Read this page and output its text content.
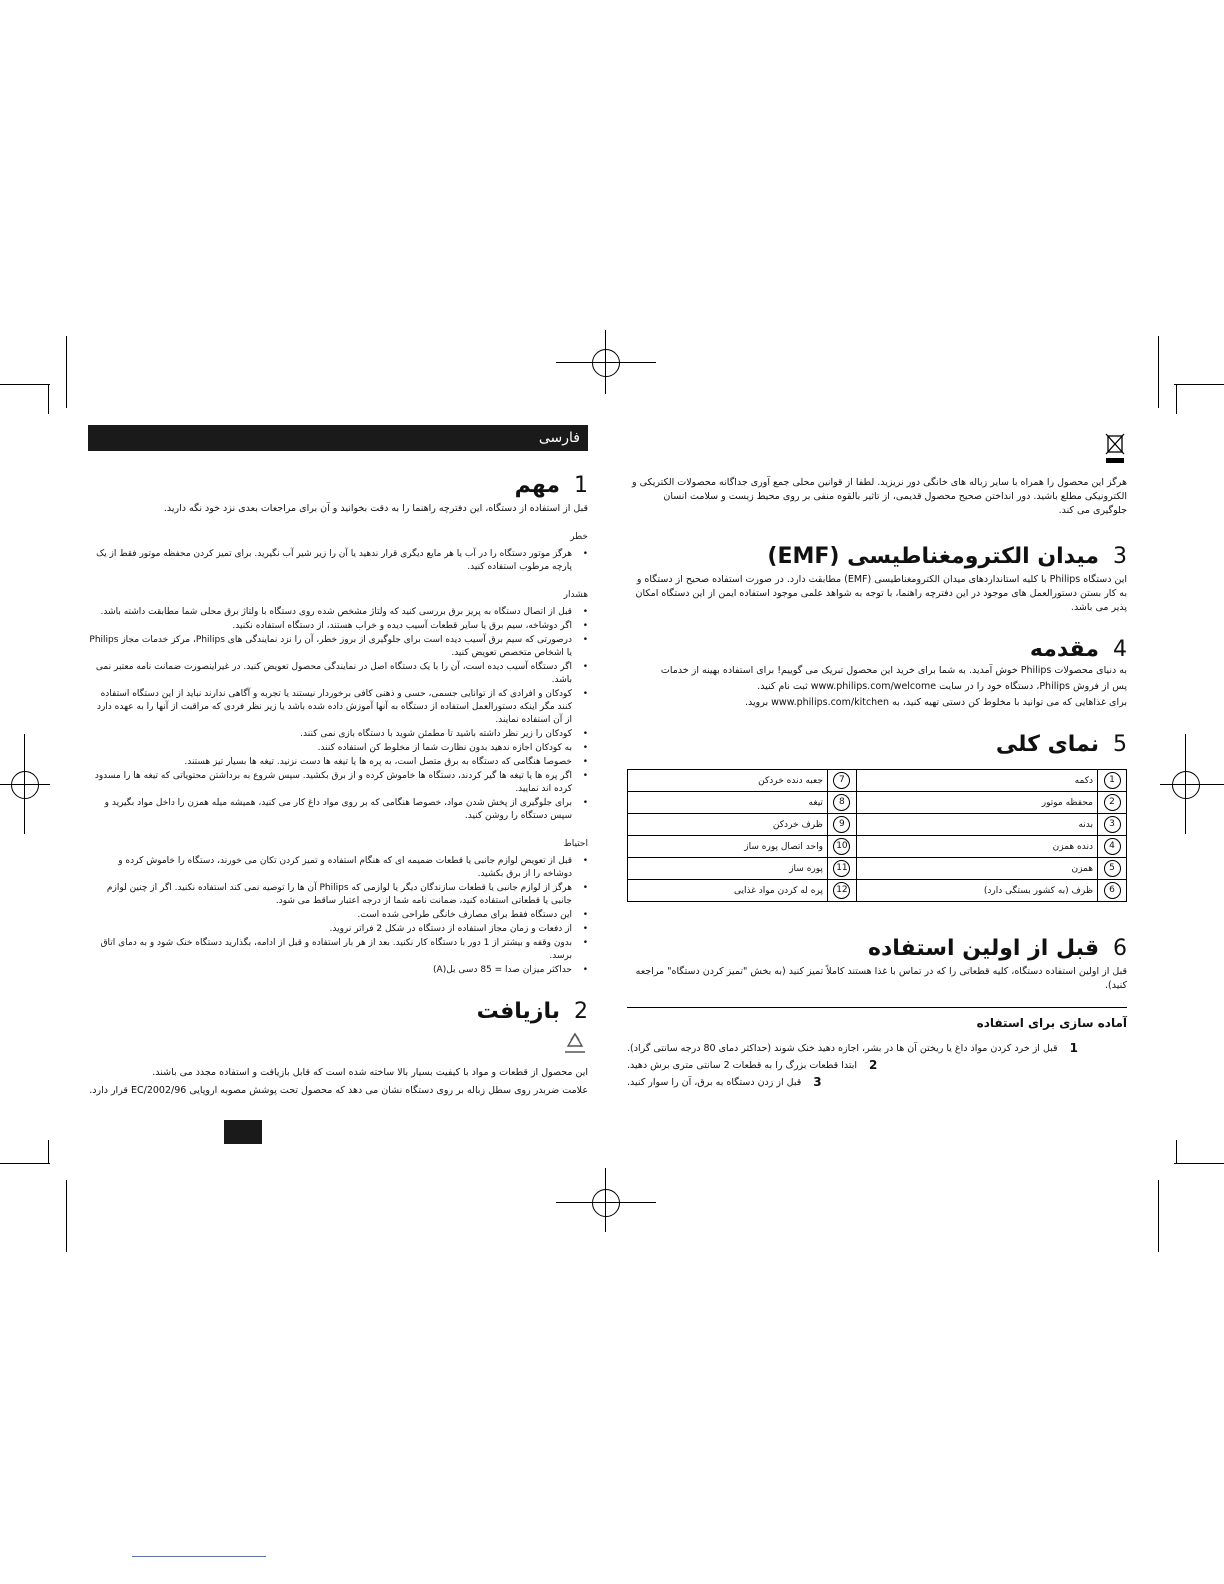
فارسی
1
مهم

قبل از استفاده از دستگاه، این دفترچه راهنما را به دقت بخوانید و آن برای مراجعات بعدی نزد خود نگه دارید.

خطر
• هرگز موتور دستگاه را در آب یا هر مایع دیگری قرار ندهید یا آن را زیر شیر آب نگیرید. برای تمیز کردن محفظه موتور فقط از یک پارچه مرطوب استفاده کنید.
هشدار
• قبل از اتصال دستگاه به پریز برق بررسی کنید که ولتاژ مشخص شده روی دستگاه با ولتاژ برق محلی شما مطابقت داشته باشد.
• اگر دوشاخه، سیم برق یا سایر قطعات آسیب دیده و خراب هستند، از دستگاه استفاده نکنید.
• درصورتی که سیم برق آسیب دیده است برای جلوگیری از بروز خطر، آن را نزد نمایندگی های Philips، مرکز خدمات مجاز Philips یا اشخاص متخصص تعویض کنید.
• اگر دستگاه آسیب دیده است، آن را با یک دستگاه اصل در نمایندگی محصول تعویض کنید. در غیراینصورت ضمانت نامه معتبر نمی باشد.
• کودکان و افرادی که از توانایی جسمی، حسی و ذهنی کافی برخوردار نیستند یا تجربه و آگاهی ندارند نباید از این دستگاه استفاده کنند مگر اینکه دستورالعمل استفاده از دستگاه به آنها آموزش داده شده باشد یا زیر نظر فردی که مراقبت از آنها را به عهده دارد از آن استفاده نمایند.
• کودکان را زیر نظر داشته باشید تا مطمئن شوید با دستگاه بازی نمی کنند.
• به کودکان اجازه ندهید بدون نظارت شما از مخلوط کن استفاده کنند.
• خصوصا هنگامی که دستگاه به برق متصل است، به پره ها یا تیغه ها دست نزنید. تیغه ها بسیار تیز هستند.
• اگر پره ها یا تیغه ها گیر کردند، دستگاه ها خاموش کرده و از برق بکشید. سپس شروع به برداشتن محتویاتی که تیغه ها را مسدود کرده اند نمایید.
• برای جلوگیری از پخش شدن مواد، خصوصا هنگامی که بر روی مواد داغ کار می کنید، همیشه میله همزن را داخل مواد بگیرید و سپس دستگاه را روشن کنید.
احتیاط
• قبل از تعویض لوازم جانبی یا قطعات ضمیمه ای که هنگام استفاده و تمیز کردن تکان می خورند، دستگاه را خاموش کرده و دوشاخه را از برق بکشید.
• هرگز از لوازم جانبی یا قطعات سازندگان دیگر یا لوازمی که Philips آن ها را توصیه نمی کند استفاده نکنید. اگر از چنین لوازم جانبی یا قطعاتی استفاده کنید، ضمانت نامه شما از درجه اعتبار ساقط می شود.
• این دستگاه فقط برای مصارف خانگی طراحی شده است.
• از دفعات و زمان مجاز استفاده از دستگاه در شکل 2 فراتر نروید.
• بدون وقفه و بیشتر از 1 دور با دستگاه کار نکنید. بعد از هر بار استفاده و قبل از ادامه، بگذارید دستگاه خنک شود و به دمای اتاق برسد.
• حداکثر میزان صدا = 85 دسی بل(A)
2
بازیافت

این محصول از قطعات و مواد با کیفیت بسیار بالا ساخته شده است که قابل بازیافت و استفاده مجدد می باشند.

علامت ضربدر روی سطل زباله بر روی دستگاه نشان می دهد که محصول تحت پوشش مصوبه اروپایی EC/2002/96 قرار دارد.

هرگز این محصول را همراه با سایر زباله های خانگی دور نریزید. لطفا از قوانین محلی جمع آوری جداگانه محصولات الکتریکی و الکترونیکی مطلع باشید. دور انداختن صحیح محصول قدیمی، از تاثیر بالقوه منفی بر روی محیط زیست و سلامت انسان جلوگیری می کند.

3
میدان الکترومغناطیسی (EMF)

این دستگاه Philips با کلیه استانداردهای میدان الکترومغناطیسی (EMF) مطابقت دارد. در صورت استفاده صحیح از دستگاه و به کار بستن دستورالعمل های موجود در این دفترچه راهنما، با توجه به شواهد علمی موجود استفاده ایمن از این دستگاه امکان پذیر می باشد.

4
مقدمه

به دنیای محصولات Philips خوش آمدید. به شما برای خرید این محصول تبریک می گوییم! برای استفاده بهینه از خدمات

پس از فروش Philips، دستگاه خود را در سایت www.philips.com/welcome ثبت نام کنید.

برای غذاهایی که می توانید با مخلوط کن دستی تهیه کنید، به www.philips.com/kitchen بروید.

5
نمای کلی
1	دکمه	7	جعبه دنده خردکن
2	محفظه موتور	8	تیغه
3	بدنه	9	ظرف خردکن
4	دنده همزن	10	واحد اتصال پوره ساز
5	همزن	11	پوره ساز
6	ظرف (به کشور بستگی دارد)	12	پره له کردن مواد غذایی
6
قبل از اولین استفاده

قبل از اولین استفاده دستگاه، کلیه قطعاتی را که در تماس با غذا هستند کاملاً تمیز کنید (به بخش "تمیز کردن دستگاه" مراجعه کنید).

آماده سازی برای استفاده
قبل از خرد کردن مواد داغ یا ریختن آن ها در بشر، اجازه دهید خنک شوند (حداکثر دمای 80 درجه سانتی گراد). 1
ابتدا قطعات بزرگ را به قطعات 2 سانتی متری برش دهید. 2
قبل از زدن دستگاه به برق، آن را سوار کنید. 3
